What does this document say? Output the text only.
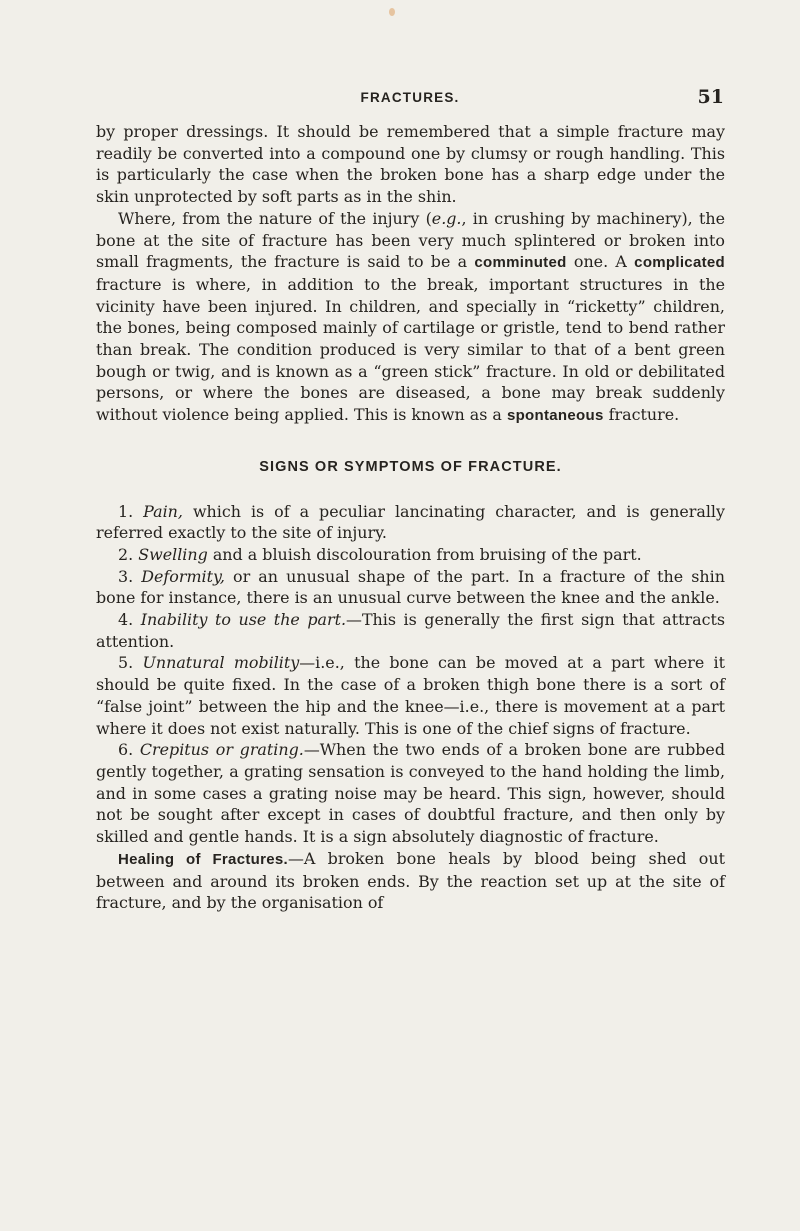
FRACTURES.	51

by proper dressings. It should be remembered that a simple fracture may readily be converted into a compound one by clumsy or rough handling. This is particularly the case when the broken bone has a sharp edge under the skin unprotected by soft parts as in the shin.

Where, from the nature of the injury (e.g., in crushing by machinery), the bone at the site of fracture has been very much splintered or broken into small fragments, the fracture is said to be a comminuted one. A complicated fracture is where, in addition to the break, important structures in the vicinity have been injured. In children, and specially in “ricketty” children, the bones, being composed mainly of cartilage or gristle, tend to bend rather than break. The condition produced is very similar to that of a bent green bough or twig, and is known as a “green stick” fracture. In old or debilitated persons, or where the bones are diseased, a bone may break suddenly without violence being applied. This is known as a spontaneous fracture.

SIGNS OR SYMPTOMS OF FRACTURE.

1. Pain, which is of a peculiar lancinating character, and is generally referred exactly to the site of injury.

2. Swelling and a bluish discolouration from bruising of the part.

3. Deformity, or an unusual shape of the part. In a fracture of the shin bone for instance, there is an unusual curve between the knee and the ankle.

4. Inability to use the part.—This is generally the first sign that attracts attention.

5. Unnatural mobility—i.e., the bone can be moved at a part where it should be quite fixed. In the case of a broken thigh bone there is a sort of “false joint” between the hip and the knee—i.e., there is movement at a part where it does not exist naturally. This is one of the chief signs of fracture.

6. Crepitus or grating.—When the two ends of a broken bone are rubbed gently together, a grating sensation is conveyed to the hand holding the limb, and in some cases a grating noise may be heard. This sign, however, should not be sought after except in cases of doubtful fracture, and then only by skilled and gentle hands. It is a sign absolutely diagnostic of fracture.

Healing of Fractures.—A broken bone heals by blood being shed out between and around its broken ends. By the reaction set up at the site of fracture, and by the organisation of
